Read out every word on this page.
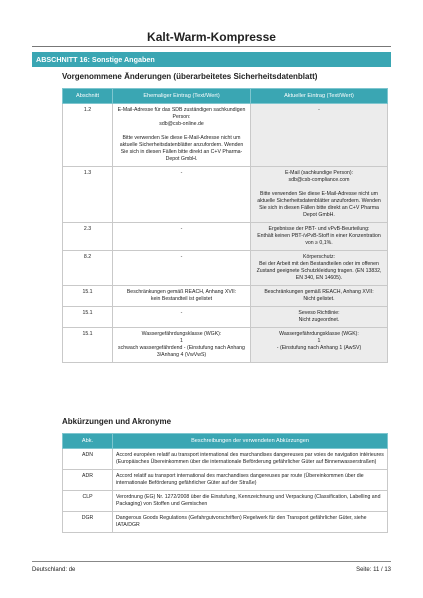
Kalt-Warm-Kompresse
ABSCHNITT 16: Sonstige Angaben
Vorgenommene Änderungen (überarbeitetes Sicherheitsdatenblatt)
Abschnitt	Ehemaliger Eintrag (Text/Wert)	Aktueller Eintrag (Text/Wert)
1.2	E-Mail-Adresse für das SDB zuständigen sachkundigen Person:
sdb@csb-online.de

Bitte verwenden Sie diese E-Mail-Adresse nicht um aktuelle Sicherheitsdatenblätter anzufordern. Wenden Sie sich in diesen Fällen bitte direkt an C+V Pharma-Depot GmbH.	-
1.3	-	E-Mail (sachkundige Person):
sdb@csb-compliance.com

Bitte verwenden Sie diese E-Mail-Adresse nicht um aktuelle Sicherheitsdatenblätter anzufordern. Wenden Sie sich in diesen Fällen bitte direkt an C+V Pharma Depot GmbH.
2.3	-	Ergebnisse der PBT- und vPvB-Beurteilung:
Enthält keinen PBT-/vPvB-Stoff in einer Konzentration von ≥ 0,1%.
8.2	-	Körperschutz:
Bei der Arbeit mit den Bestandteilen oder im offenen Zustand geeignete Schutzkleidung tragen. (EN 13832, EN 340, EN 14605).
15.1	Beschränkungen gemäß REACH, Anhang XVII:
kein Bestandteil ist gelistet	Beschränkungen gemäß REACH, Anhang XVII:
Nicht gelistet.
15.1	-	Seveso Richtlinie:
Nicht zugeordnet.
15.1	Wassergefährdungsklasse (WGK):
1
schwach wassergefährdend - (Einstufung nach Anhang 3/Anhang 4 (VwVwS)	Wassergefährdungsklasse (WGK):
1
- (Einstufung nach Anhang 1 (AwSV)
Abkürzungen und Akronyme
Abk.	Beschreibungen der verwendeten Abkürzungen
ADN	Accord européen relatif au transport international des marchandises dangereuses par voies de navigation intérieures (Europäisches Übereinkommen über die internationale Beförderung gefährlicher Güter auf Binnenwasserstraßen)
ADR	Accord relatif au transport international des marchandises dangereuses par route (Übereinkommen über die internationale Beförderung gefährlicher Güter auf der Straße)
CLP	Verordnung (EG) Nr. 1272/2008 über die Einstufung, Kennzeichnung und Verpackung (Classification, Labelling and Packaging) von Stoffen und Gemischen
DGR	Dangerous Goods Regulations (Gefahrgutvorschriften) Regelwerk für den Transport gefährlicher Güter, siehe IATA/DGR
Deutschland: de	Seite: 11 / 13
